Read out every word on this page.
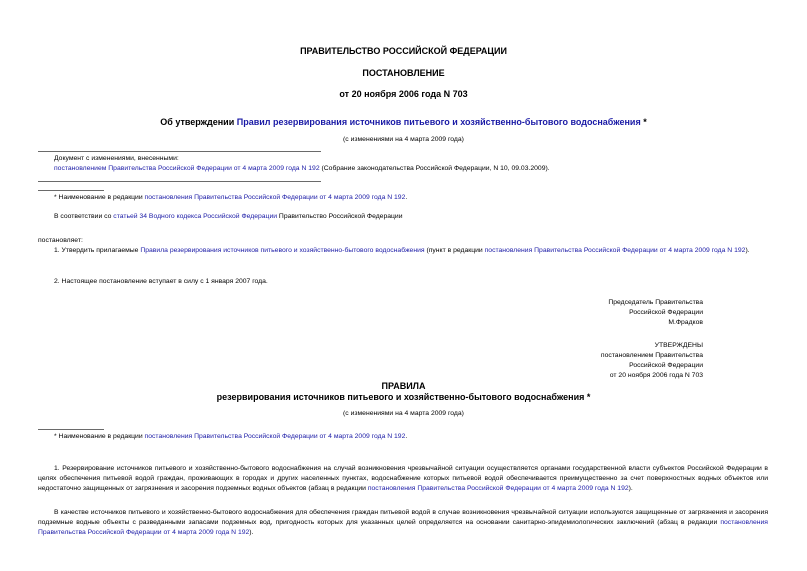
ПРАВИТЕЛЬСТВО РОССИЙСКОЙ ФЕДЕРАЦИИ
ПОСТАНОВЛЕНИЕ
от 20 ноября 2006 года N 703
Об утверждении Правил резервирования источников питьевого и хозяйственно-бытового водоснабжения *
(с изменениями на 4 марта 2009 года)
Документ с изменениями, внесенными:
постановлением Правительства Российской Федерации от 4 марта 2009 года N 192 (Собрание законодательства Российской Федерации, N 10, 09.03.2009).
* Наименование в редакции постановления Правительства Российской Федерации от 4 марта 2009 года N 192.
В соответствии со статьей 34 Водного кодекса Российской Федерации Правительство Российской Федерации
постановляет:
1. Утвердить прилагаемые Правила резервирования источников питьевого и хозяйственно-бытового водоснабжения (пункт в редакции постановления Правительства Российской Федерации от 4 марта 2009 года N 192).
2. Настоящее постановление вступает в силу с 1 января 2007 года.
Председатель Правительства
Российской Федерации
М.Фрадков
УТВЕРЖДЕНЫ
постановлением Правительства
Российской Федерации
от 20 ноября 2006 года N 703
ПРАВИЛА
резервирования источников питьевого и хозяйственно-бытового водоснабжения *
(с изменениями на 4 марта 2009 года)
* Наименование в редакции постановления Правительства Российской Федерации от 4 марта 2009 года N 192.
1. Резервирование источников питьевого и хозяйственно-бытового водоснабжения на случай возникновения чрезвычайной ситуации осуществляется органами государственной власти субъектов Российской Федерации в целях обеспечения питьевой водой граждан, проживающих в городах и других населенных пунктах, водоснабжение которых питьевой водой обеспечивается преимущественно за счет поверхностных водных объектов или недостаточно защищенных от загрязнения и засорения подземных водных объектов (абзац в редакции постановления Правительства Российской Федерации от 4 марта 2009 года N 192).
В качестве источников питьевого и хозяйственно-бытового водоснабжения для обеспечения граждан питьевой водой в случае возникновения чрезвычайной ситуации используются защищенные от загрязнения и засорения подземные водные объекты с разведанными запасами подземных вод, пригодность которых для указанных целей определяется на основании санитарно-эпидемиологических заключений (абзац в редакции постановления Правительства Российской Федерации от 4 марта 2009 года N 192).
